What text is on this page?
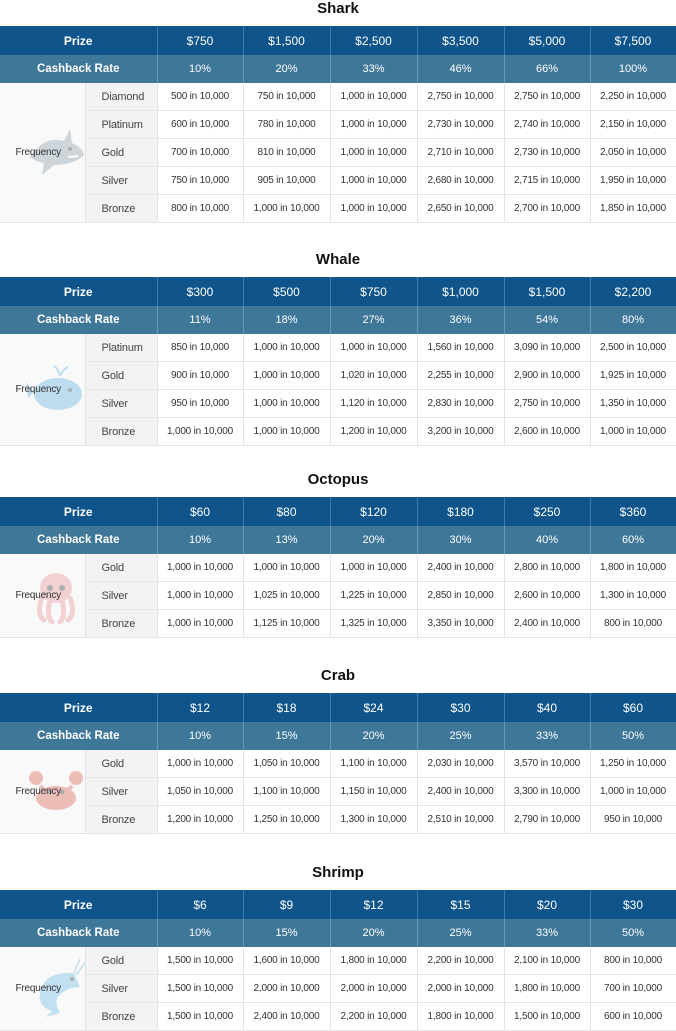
Shark
Prize		$750	$1,500	$2,500	$3,500	$5,000	$7,500
Cashback Rate		10%	20%	33%	46%	66%	100%

Frequency	Diamond	500 in 10,000	750 in 10,000	1,000 in 10,000	2,750 in 10,000	2,750 in 10,000	2,250 in 10,000
	Platinum	600 in 10,000	780 in 10,000	1,000 in 10,000	2,730 in 10,000	2,740 in 10,000	2,150 in 10,000
	Gold	700 in 10,000	810 in 10,000	1,000 in 10,000	2,710 in 10,000	2,730 in 10,000	2,050 in 10,000
	Silver	750 in 10,000	905 in 10,000	1,000 in 10,000	2,680 in 10,000	2,715 in 10,000	1,950 in 10,000
	Bronze	800 in 10,000	1,000 in 10,000	1,000 in 10,000	2,650 in 10,000	2,700 in 10,000	1,850 in 10,000
Whale
Prize		$300	$500	$750	$1,000	$1,500	$2,200
Cashback Rate		11%	18%	27%	36%	54%	80%

Frequency	Platinum	850 in 10,000	1,000 in 10,000	1,000 in 10,000	1,560 in 10,000	3,090 in 10,000	2,500 in 10,000
	Gold	900 in 10,000	1,000 in 10,000	1,020 in 10,000	2,255 in 10,000	2,900 in 10,000	1,925 in 10,000
	Silver	950 in 10,000	1,000 in 10,000	1,120 in 10,000	2,830 in 10,000	2,750 in 10,000	1,350 in 10,000
	Bronze	1,000 in 10,000	1,000 in 10,000	1,200 in 10,000	3,200 in 10,000	2,600 in 10,000	1,000 in 10,000
Octopus
Prize		$60	$80	$120	$180	$250	$360
Cashback Rate		10%	13%	20%	30%	40%	60%

Frequency	Gold	1,000 in 10,000	1,000 in 10,000	1,000 in 10,000	2,400 in 10,000	2,800 in 10,000	1,800 in 10,000
	Silver	1,000 in 10,000	1,025 in 10,000	1,225 in 10,000	2,850 in 10,000	2,600 in 10,000	1,300 in 10,000
	Bronze	1,000 in 10,000	1,125 in 10,000	1,325 in 10,000	3,350 in 10,000	2,400 in 10,000	800 in 10,000
Crab
Prize		$12	$18	$24	$30	$40	$60
Cashback Rate		10%	15%	20%	25%	33%	50%

Frequency	Gold	1,000 in 10,000	1,050 in 10,000	1,100 in 10,000	2,030 in 10,000	3,570 in 10,000	1,250 in 10,000
	Silver	1,050 in 10,000	1,100 in 10,000	1,150 in 10,000	2,400 in 10,000	3,300 in 10,000	1,000 in 10,000
	Bronze	1,200 in 10,000	1,250 in 10,000	1,300 in 10,000	2,510 in 10,000	2,790 in 10,000	950 in 10,000
Shrimp
Prize		$6	$9	$12	$15	$20	$30
Cashback Rate		10%	15%	20%	25%	33%	50%

Frequency	Gold	1,500 in 10,000	1,600 in 10,000	1,800 in 10,000	2,200 in 10,000	2,100 in 10,000	800 in 10,000
	Silver	1,500 in 10,000	2,000 in 10,000	2,000 in 10,000	2,000 in 10,000	1,800 in 10,000	700 in 10,000
	Bronze	1,500 in 10,000	2,400 in 10,000	2,200 in 10,000	1,800 in 10,000	1,500 in 10,000	600 in 10,000
